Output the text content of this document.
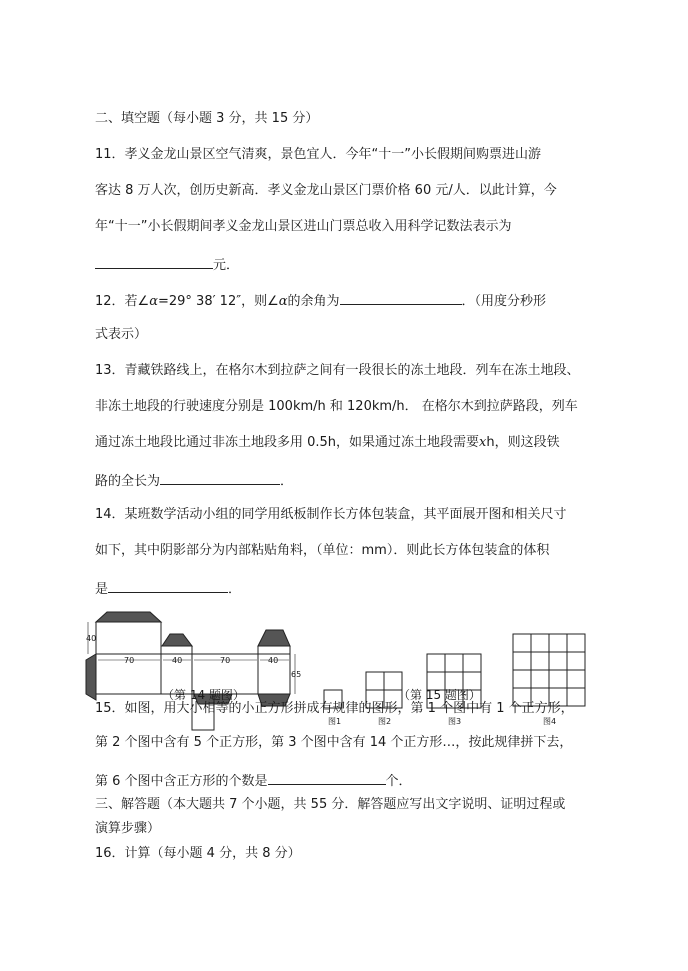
二、填空题（每小题 3 分，共 15 分）
11．孝义金龙山景区空气清爽，景色宜人．今年“十一”小长假期间购票进山游
客达 8 万人次，创历史新高．孝义金龙山景区门票价格 60 元/人．以此计算，今
年“十一”小长假期间孝义金龙山景区进山门票总收入用科学记数法表示为
元．
12．若∠α=29° 38′ 12″，则∠α的余角为	．（用度分秒形
式表示）
13．青藏铁路线上，在格尔木到拉萨之间有一段很长的冻土地段．列车在冻土地段、
非冻土地段的行驶速度分别是 100km/h 和 120km/h． 在格尔木到拉萨路段，列车
通过冻土地段比通过非冻土地段多用 0.5h，如果通过冻土地段需要xh，则这段铁
路的全长为	．
14．某班数学活动小组的同学用纸板制作长方体包装盒，其平面展开图和相关尺寸
如下，其中阴影部分为内部粘贴角料，（单位：mm）．则此长方体包装盒的体积
是	．
40
70	40	70	40
65
（第 14 题图）	（第 15 题图）
图1	图2	图3	图4
15．如图，用大小相等的小正方形拼成有规律的图形，第 1 个图中有 1 个正方形，
第 2 个图中含有 5 个正方形，第 3 个图中含有 14 个正方形…，按此规律拼下去，
第 6 个图中含正方形的个数是	个．
三、解答题（本大题共 7 个小题，共 55 分．解答题应写出文字说明、证明过程或
演算步骤）
16．计算（每小题 4 分，共 8 分）
